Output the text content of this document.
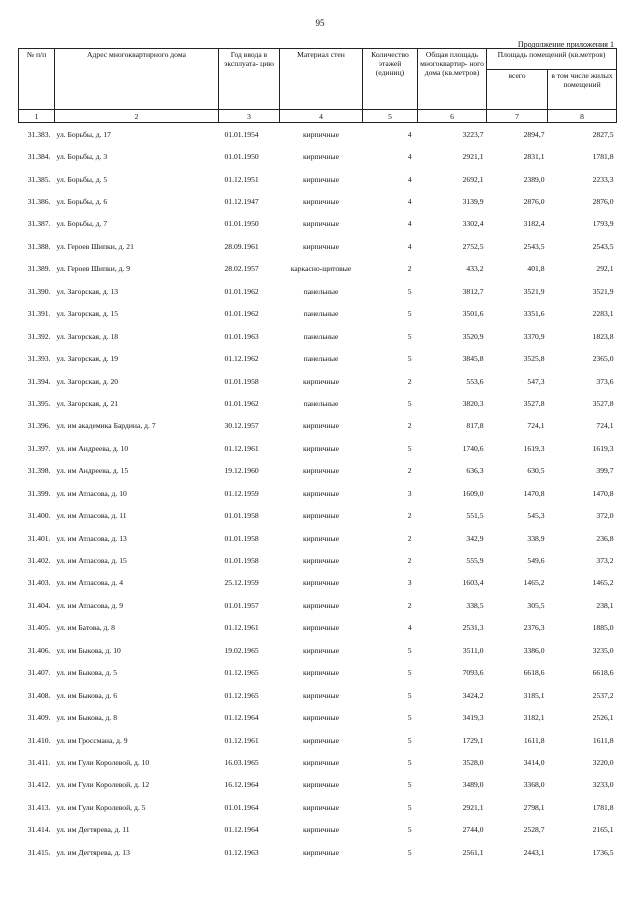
95
Продолжение приложения 1
№ п/п	Адрес многоквартирного дома	Год ввода в эксплуата- цию	Материал стен	Количество этажей (единиц)	Общая площадь многоквартир- ного дома (кв.метров)	Площадь помещений (кв.метров)	
						всего	в том числе жилых помещений
1	2	3	4	5	6	7	8
31.383.	ул. Борьбы, д. 17	01.01.1954	кирпичные	4	3223,7	2894,7	2827,5
31.384.	ул. Борьбы, д. 3	01.01.1950	кирпичные	4	2921,1	2831,1	1781,8
31.385.	ул. Борьбы, д. 5	01.12.1951	кирпичные	4	2692,1	2389,0	2233,3
31.386.	ул. Борьбы, д. 6	01.12.1947	кирпичные	4	3139,9	2876,0	2876,0
31.387.	ул. Борьбы, д. 7	01.01.1950	кирпичные	4	3302,4	3182,4	1793,9
31.388.	ул. Героев Шипки, д. 21	28.09.1961	кирпичные	4	2752,5	2543,5	2543,5
31.389.	ул. Героев Шипки, д. 9	28.02.1957	каркасно-щитовые	2	433,2	401,8	292,1
31.390.	ул. Загорская, д. 13	01.01.1962	панельные	5	3812,7	3521,9	3521,9
31.391.	ул. Загорская, д. 15	01.01.1962	панельные	5	3501,6	3351,6	2283,1
31.392.	ул. Загорская, д. 18	01.01.1963	панельные	5	3520,9	3370,9	1823,8
31.393.	ул. Загорская, д. 19	01.12.1962	панельные	5	3845,8	3525,8	2365,0
31.394.	ул. Загорская, д. 20	01.01.1958	кирпичные	2	553,6	547,3	373,6
31.395.	ул. Загорская, д. 21	01.01.1962	панельные	5	3820,3	3527,8	3527,8
31.396.	ул. им академика Бардина, д. 7	30.12.1957	кирпичные	2	817,8	724,1	724,1
31.397.	ул. им Андреева, д. 10	01.12.1961	кирпичные	5	1740,6	1619,3	1619,3
31.398.	ул. им Андреева, д. 15	19.12.1960	кирпичные	2	636,3	630,5	399,7
31.399.	ул. им Атласова, д. 10	01.12.1959	кирпичные	3	1609,0	1470,8	1470,8
31.400.	ул. им Атласова, д. 11	01.01.1958	кирпичные	2	551,5	545,3	372,0
31.401.	ул. им Атласова, д. 13	01.01.1958	кирпичные	2	342,9	338,9	236,8
31.402.	ул. им Атласова, д. 15	01.01.1958	кирпичные	2	555,9	549,6	373,2
31.403.	ул. им Атласова, д. 4	25.12.1959	кирпичные	3	1603,4	1465,2	1465,2
31.404.	ул. им Атласова, д. 9	01.01.1957	кирпичные	2	338,5	305,5	238,1
31.405.	ул. им Батова, д. 8	01.12.1961	кирпичные	4	2531,3	2376,3	1885,0
31.406.	ул. им Быкова, д. 10	19.02.1965	кирпичные	5	3511,0	3386,0	3235,0
31.407.	ул. им Быкова, д. 5	01.12.1965	кирпичные	5	7093,6	6618,6	6618,6
31.408.	ул. им Быкова, д. 6	01.12.1965	кирпичные	5	3424,2	3185,1	2537,2
31.409.	ул. им Быкова, д. 8	01.12.1964	кирпичные	5	3419,3	3182,1	2526,1
31.410.	ул. им Гроссмана, д. 9	01.12.1961	кирпичные	5	1729,1	1611,8	1611,8
31.411.	ул. им Гули Королевой, д. 10	16.03.1965	кирпичные	5	3528,0	3414,0	3220,0
31.412.	ул. им Гули Королевой, д. 12	16.12.1964	кирпичные	5	3489,0	3368,0	3233,0
31.413.	ул. им Гули Королевой, д. 5	01.01.1964	кирпичные	5	2921,1	2798,1	1781,8
31.414.	ул. им Дегтярева, д. 11	01.12.1964	кирпичные	5	2744,0	2528,7	2165,1
31.415.	ул. им Дегтярева, д. 13	01.12.1963	кирпичные	5	2561,1	2443,1	1736,5
